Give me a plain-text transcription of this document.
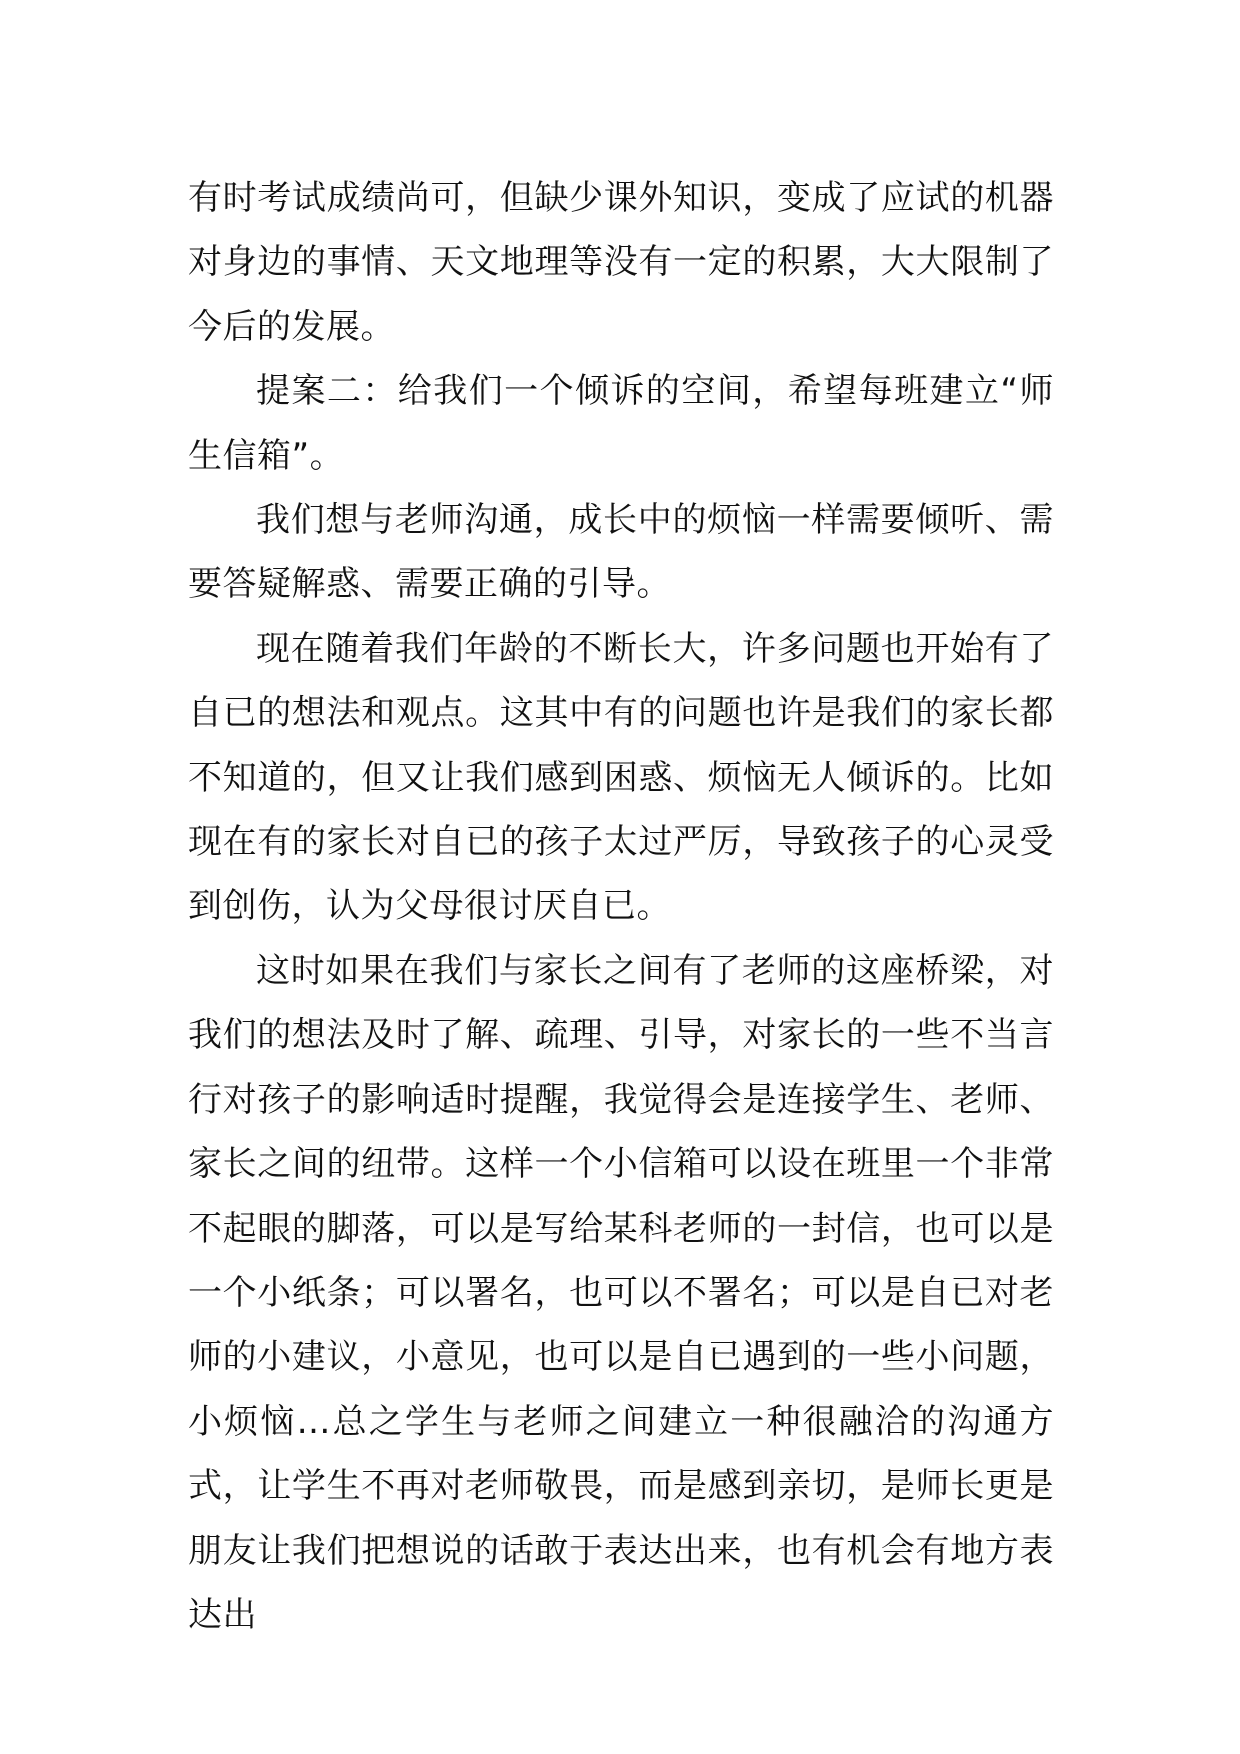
有时考试成绩尚可，但缺少课外知识，变成了应试的机器对身边的事情、天文地理等没有一定的积累，大大限制了今后的发展。

提案二：给我们一个倾诉的空间，希望每班建立“师生信箱”。

我们想与老师沟通，成长中的烦恼一样需要倾听、需要答疑解惑、需要正确的引导。

现在随着我们年龄的不断长大，许多问题也开始有了自已的想法和观点。这其中有的问题也许是我们的家长都不知道的，但又让我们感到困惑、烦恼无人倾诉的。比如现在有的家长对自已的孩子太过严厉，导致孩子的心灵受到创伤，认为父母很讨厌自已。

这时如果在我们与家长之间有了老师的这座桥梁，对我们的想法及时了解、疏理、引导，对家长的一些不当言行对孩子的影响适时提醒，我觉得会是连接学生、老师、家长之间的纽带。这样一个小信箱可以设在班里一个非常不起眼的脚落，可以是写给某科老师的一封信，也可以是一个小纸条；可以署名，也可以不署名；可以是自已对老师的小建议，小意见，也可以是自已遇到的一些小问题，小烦恼…总之学生与老师之间建立一种很融洽的沟通方式，让学生不再对老师敬畏，而是感到亲切，是师长更是朋友让我们把想说的话敢于表达出来，也有机会有地方表达出
